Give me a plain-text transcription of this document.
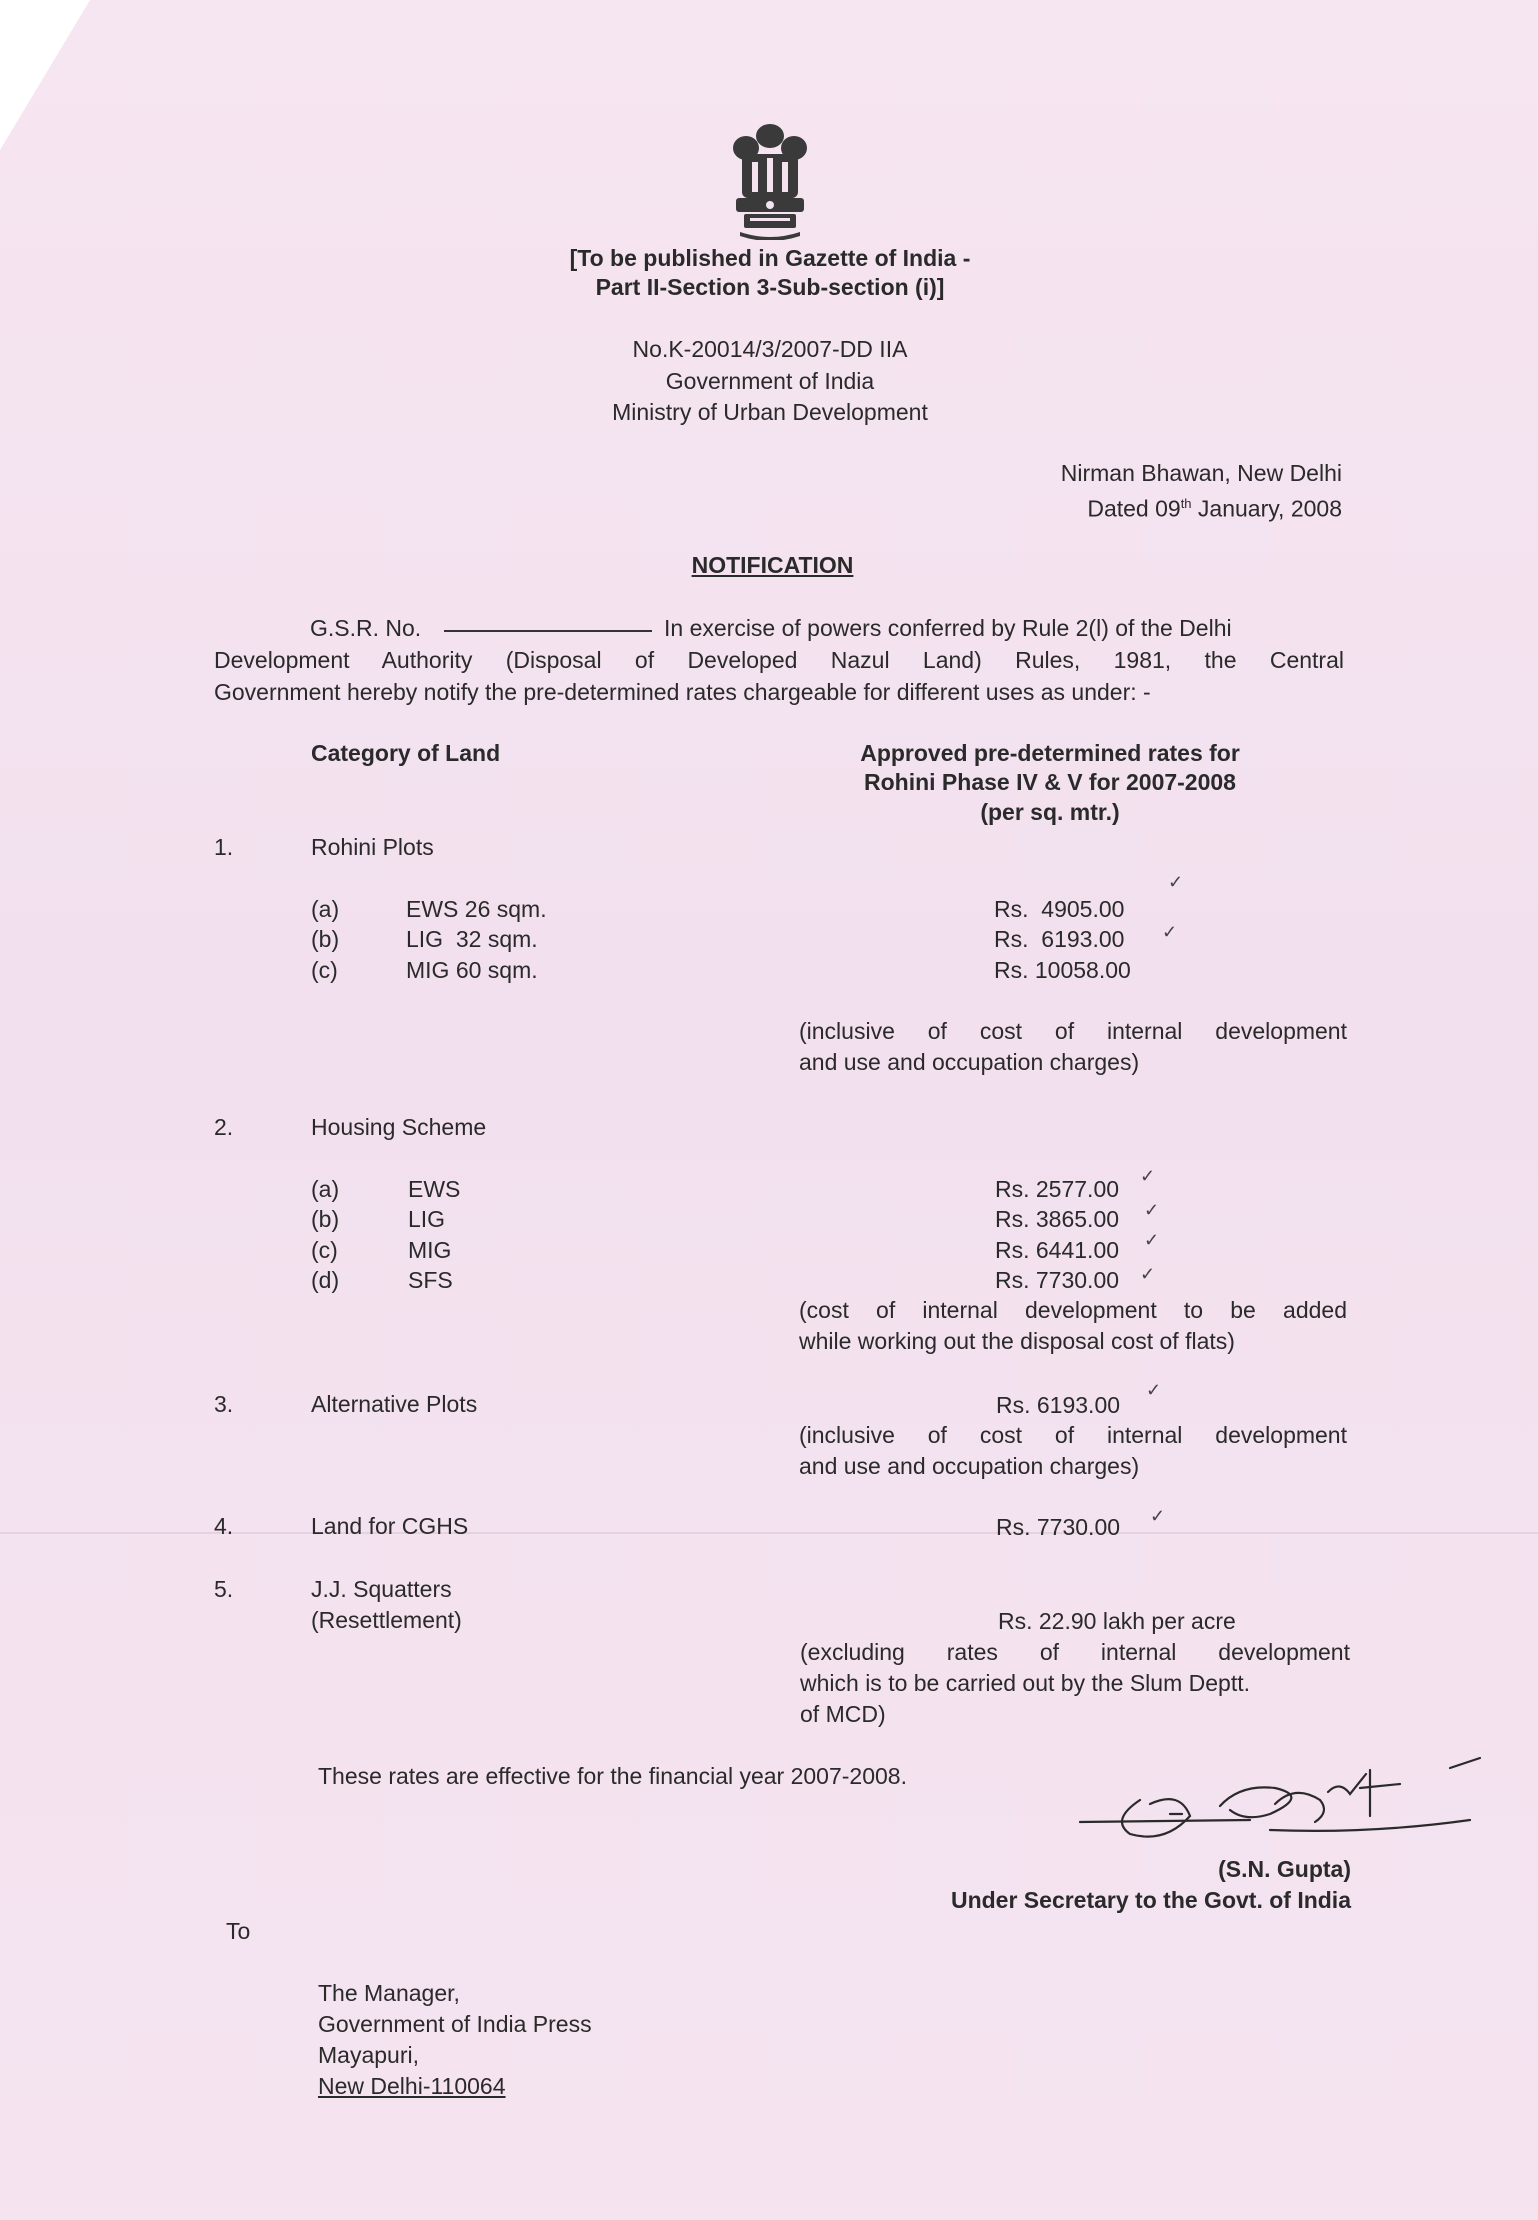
[To be published in Gazette of India -
Part II-Section 3-Sub-section (i)]
No.K-20014/3/2007-DD IIA
Government of India
Ministry of Urban Development
Nirman Bhawan, New Delhi
Dated 09th January, 2008
NOTIFICATION
G.S.R. No.	In exercise of powers conferred by Rule 2(l) of the Delhi
Development Authority (Disposal of Developed Nazul Land) Rules, 1981, the Central
Government hereby notify the pre-determined rates chargeable for different uses as under: -
Category of Land	Approved pre-determined rates for
Rohini Phase IV & V for 2007-2008
(per sq. mtr.)
1.	Rohini Plots
(a)	EWS 26 sqm.	Rs.  4905.00
(b)	LIG  32 sqm.	Rs.  6193.00
(c)	MIG 60 sqm.	Rs. 10058.00
(inclusive of cost of internal development
and use and occupation charges)
2.	Housing Scheme
(a)	EWS	Rs. 2577.00
(b)	LIG	Rs. 3865.00
(c)	MIG	Rs. 6441.00
(d)	SFS	Rs. 7730.00
(cost of internal development to be added
while working out the disposal cost of flats)
3.	Alternative Plots	Rs. 6193.00
(inclusive of cost of internal development
and use and occupation charges)
4.	Land for CGHS	Rs. 7730.00
5.	J.J. Squatters
(Resettlement)	Rs. 22.90 lakh per acre
(excluding rates of internal development
which is to be carried out by the Slum Deptt.
of MCD)
These rates are effective for the financial year 2007-2008.
(S.N. Gupta)
Under Secretary to the Govt. of India
To
The Manager,
Government of India Press
Mayapuri,
New Delhi-110064
✓
✓
✓
✓
✓
✓
✓
✓
